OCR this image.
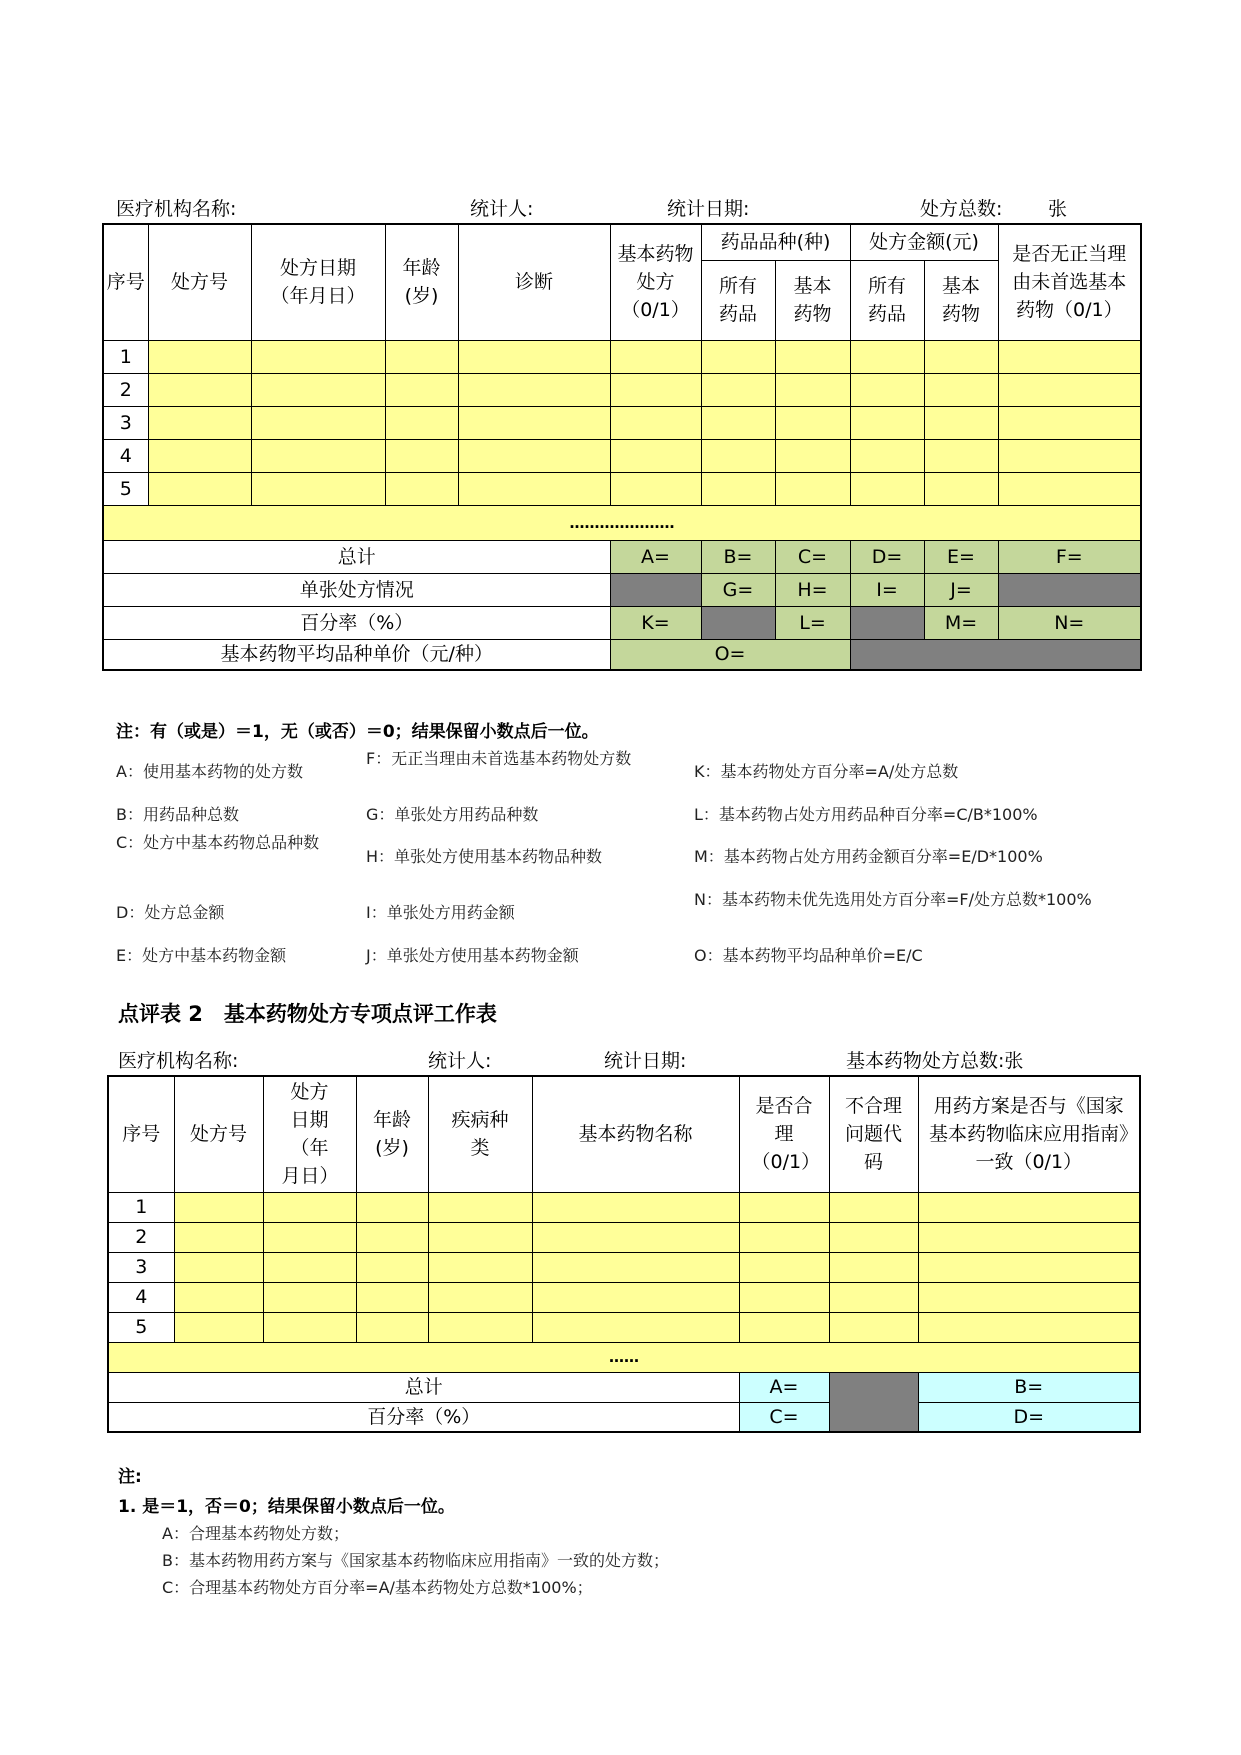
医疗机构名称:	统计人:	统计日期:	处方总数: 张
序号	处方号	处方日期（年月日）	年龄(岁)	诊断	基本药物处方（0/1）	药品品种(种)		处方金额(元)		是否无正当理由未首选基本药物（0/1）
						所有药品	基本药物	所有药品	基本药物	
1										
2										
3										
4										
5										
…………………										
总计					A=	B=	C=	D=	E=	F=
单张处方情况						G=	H=	I=	J=	
百分率（%）					K=		L=		M=	N=
基本药物平均品种单价（元/种）					O=					
注：有（或是）＝1，无（或否）＝0；结果保留小数点后一位。
A：使用基本药物的处方数
F：无正当理由未首选基本药物处方数
K：基本药物处方百分率=A/处方总数
B：用药品种总数	G：单张处方用药品种数	L：基本药物占处方用药品种百分率=C/B*100%
C：处方中基本药物总品种数
H：单张处方使用基本药物品种数	M：基本药物占处方用药金额百分率=E/D*100%
D：处方总金额	I：单张处方用药金额
N：基本药物未优先选用处方百分率=F/处方总数*100%
E：处方中基本药物金额	J：单张处方使用基本药物金额	O：基本药物平均品种单价=E/C
点评表 2　基本药物处方专项点评工作表
医疗机构名称:	统计人:	统计日期:	基本药物处方总数:张
序号	处方号	处方日期（年月日）	年龄(岁)	疾病种类	基本药物名称	是否合理（0/1）	不合理问题代码	用药方案是否与《国家基本药物临床应用指南》一致（0/1）
1								
2								
3								
4								
5								
……								
总计						A=		B=
百分率（%）						C=		D=
注:
1. 是＝1，否＝0；结果保留小数点后一位。
A：合理基本药物处方数；
B：基本药物用药方案与《国家基本药物临床应用指南》一致的处方数；
C：合理基本药物处方百分率=A/基本药物处方总数*100%；
